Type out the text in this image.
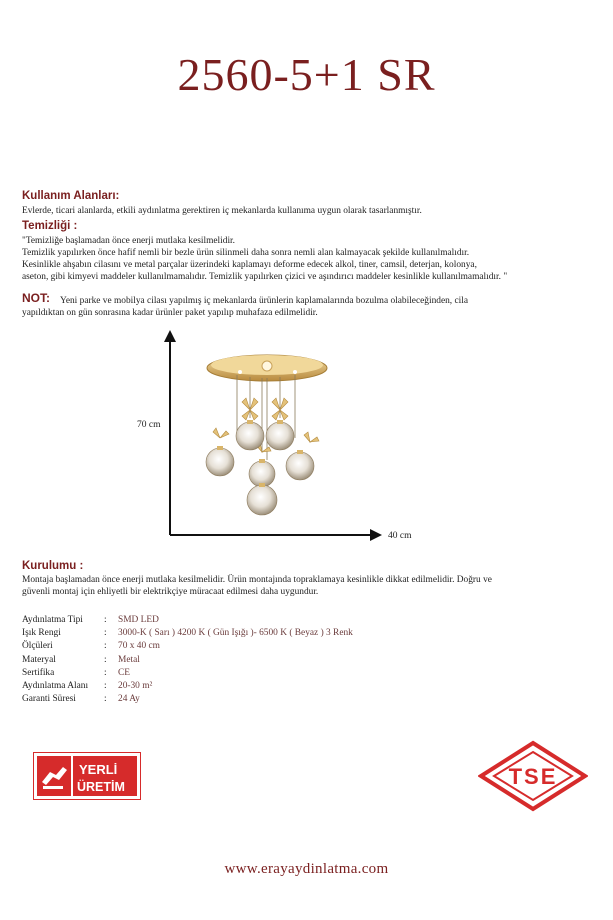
2560-5+1 SR
Kullanım Alanları:
Evlerde, ticari alanlarda, etkili aydınlatma gerektiren iç mekanlarda kullanıma uygun olarak tasarlanmıştır.
Temizliği :
"Temizliğe başlamadan önce enerji mutlaka kesilmelidir.
Temizlik yapılırken önce hafif nemli bir bezle ürün silinmeli daha sonra nemli alan kalmayacak şekilde kullanılmalıdır.
Kesinlikle ahşabın cilasını ve metal parçalar üzerindeki kaplamayı deforme edecek alkol, tiner, camsil, deterjan, kolonya,
aseton, gibi kimyevi maddeler kullanılmamalıdır. Temizlik yapılırken çizici ve aşındırıcı maddeler kesinlikle kullanılmamalıdır. "
NOT: Yeni parke ve mobilya cilası yapılmış iç mekanlarda ürünlerin kaplamalarında bozulma olabileceğinden, cila
yapıldıktan on gün sonrasına kadar ürünler paket yapılıp muhafaza edilmelidir.
70 cm
40 cm
Kurulumu :
Montaja başlamadan önce enerji mutlaka kesilmelidir. Ürün montajında topraklamaya kesinlikle dikkat edilmelidir. Doğru ve
güvenli montaj için ehliyetli bir elektrikçiye müracaat edilmesi daha uygundur.
Aydınlatma Tipi	: SMD LED
Işık Rengi	: 3000-K ( Sarı ) 4200 K ( Gün Işığı )- 6500 K ( Beyaz ) 3 Renk
Ölçüleri	: 70 x 40 cm
Materyal	: Metal
Sertifika	: CE
Aydınlatma Alanı	: 20-30 m²
Garanti Süresi	: 24 Ay
YERLİ
ÜRETİM	TSE
www.erayaydinlatma.com
